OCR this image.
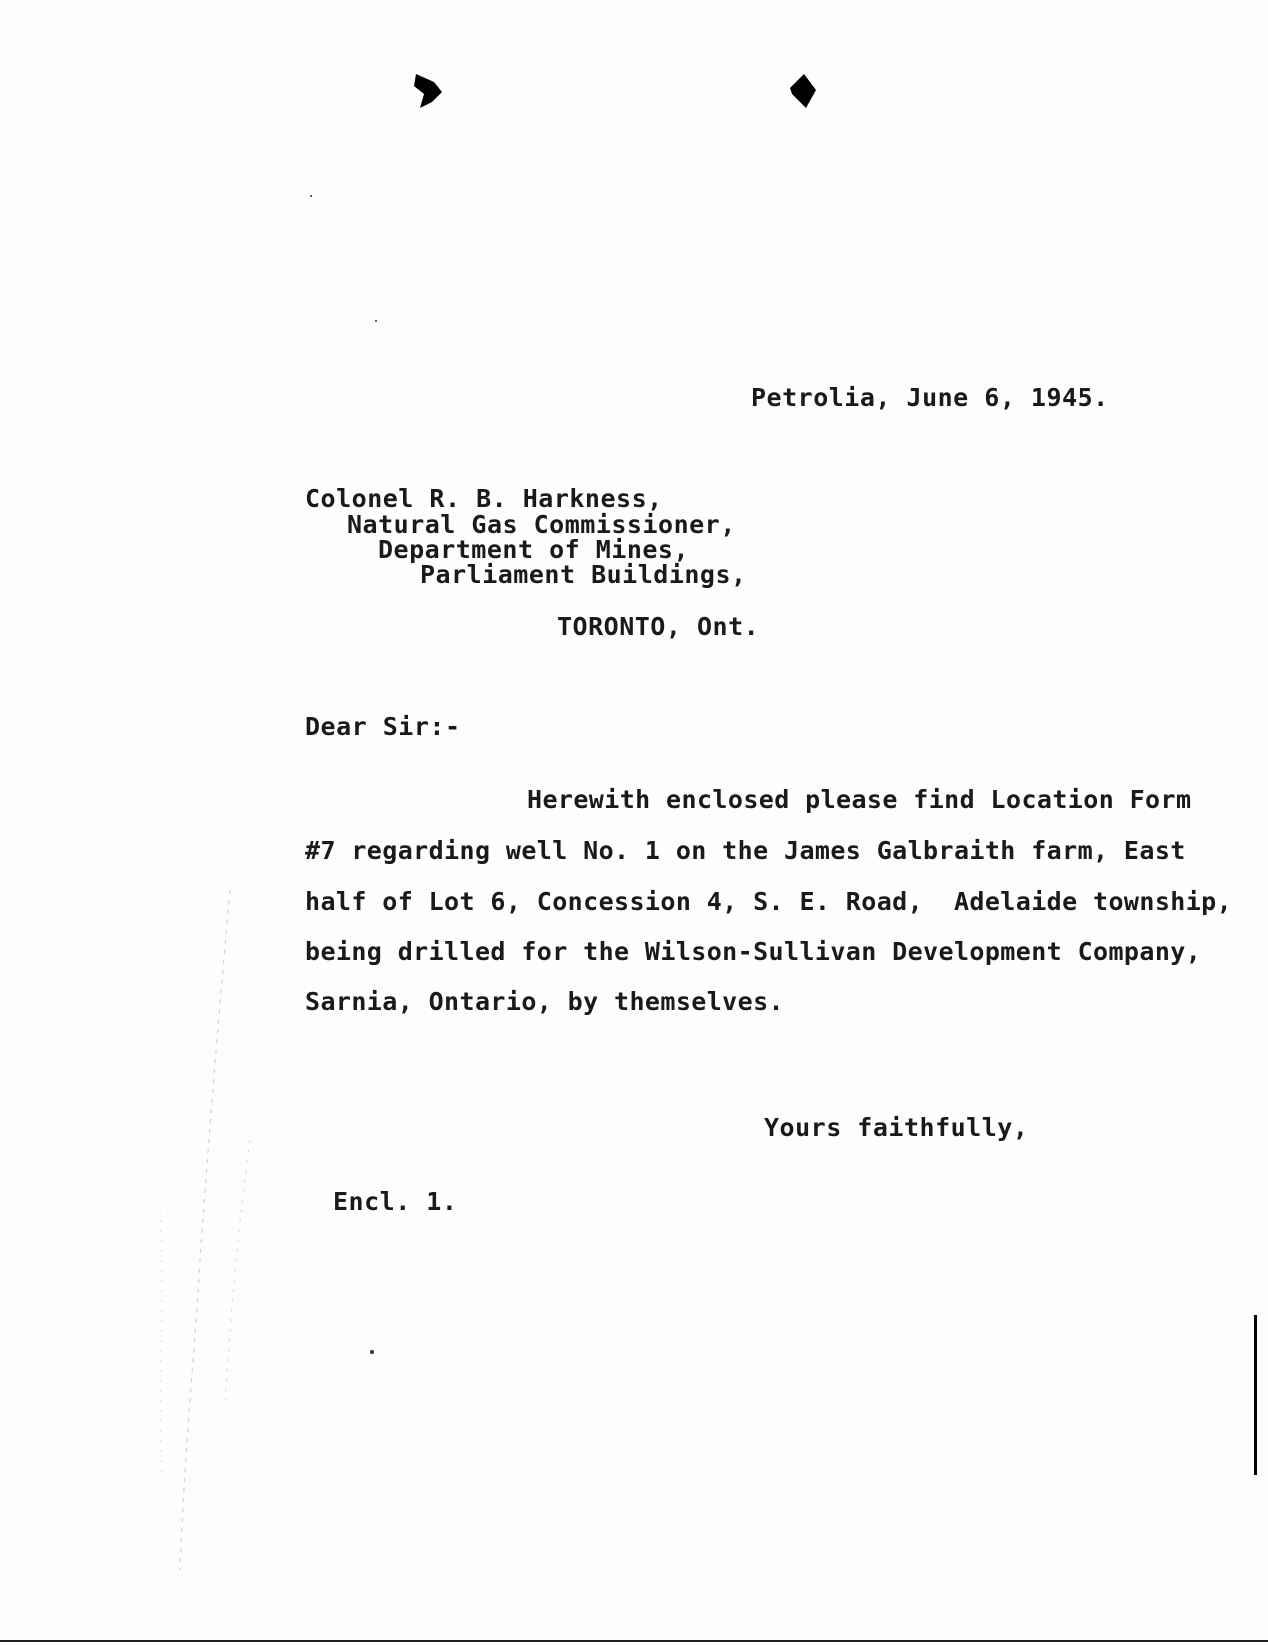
Petrolia, June 6, 1945.
Colonel R. B. Harkness,
Natural Gas Commissioner,
Department of Mines,
Parliament Buildings,
TORONTO, Ont.
Dear Sir:-
Herewith enclosed please find Location Form
#7 regarding well No. 1 on the James Galbraith farm, East
half of Lot 6, Concession 4, S. E. Road,  Adelaide township,
being drilled for the Wilson-Sullivan Development Company,
Sarnia, Ontario, by themselves.
Yours faithfully,
Encl. 1.
